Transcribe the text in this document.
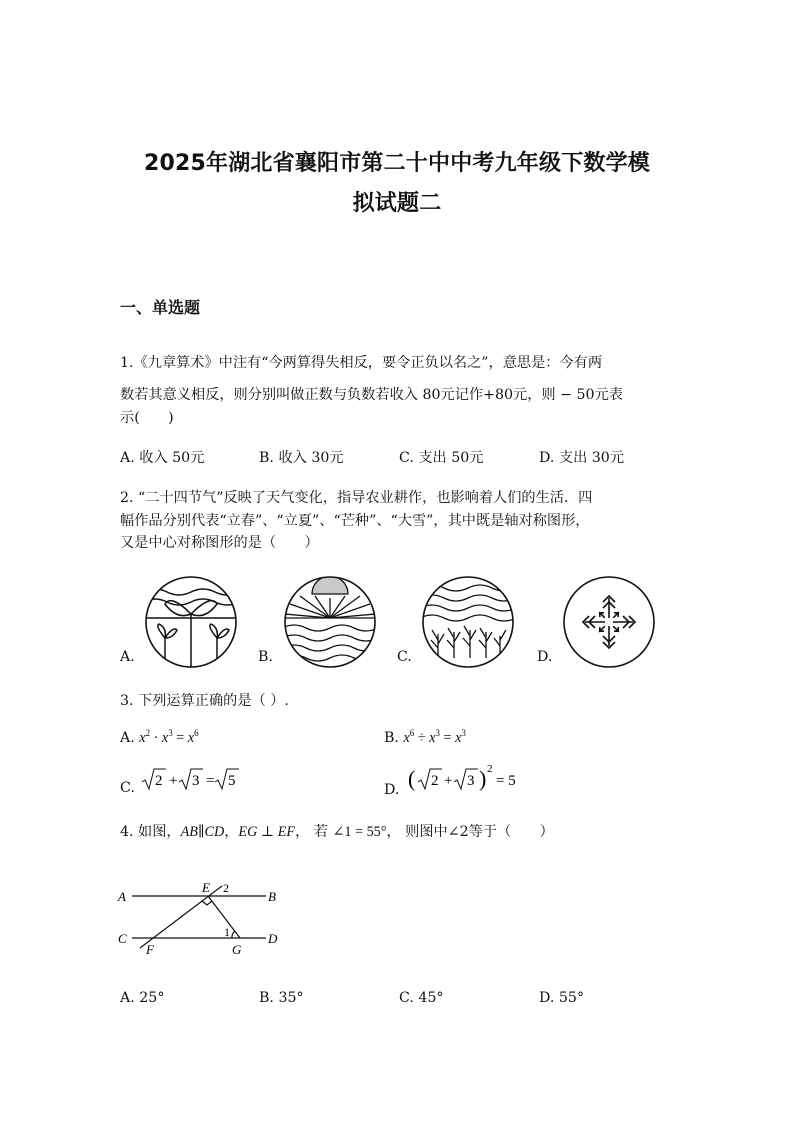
2025年湖北省襄阳市第二十中中考九年级下数学模
拟试题二
一、单选题
1.《九章算术》中注有“今两算得失相反，要令正负以名之”，意思是：今有两
数若其意义相反，则分别叫做正数与负数若收入 80元记作+80元，则 − 50元表
示(　　)
A. 收入 50元	B. 收入 30元	C. 支出 50元	D. 支出 30元
2. “二十四节气”反映了天气变化，指导农业耕作，也影响着人们的生活．四
幅作品分别代表“立春”、“立夏”、“芒种”、“大雪”，其中既是轴对称图形，
又是中心对称图形的是（　　）
A.	B.	C.	D.
3. 下列运算正确的是（ ）.
A. $x^2 \cdot x^3 = x^6$	B. $x^6 \div x^3 = x^3$
C. 2 + 3 = 5
D. ( 2 + 3 ) 2
= 5
4. 如图，AB∥CD，EG ⊥ EF， 若 ∠1 = 55°， 则图中∠2等于（　　）
A	B
C	D
E
F	G
1
2
A. 25°	B. 35°	C. 45°	D. 55°
